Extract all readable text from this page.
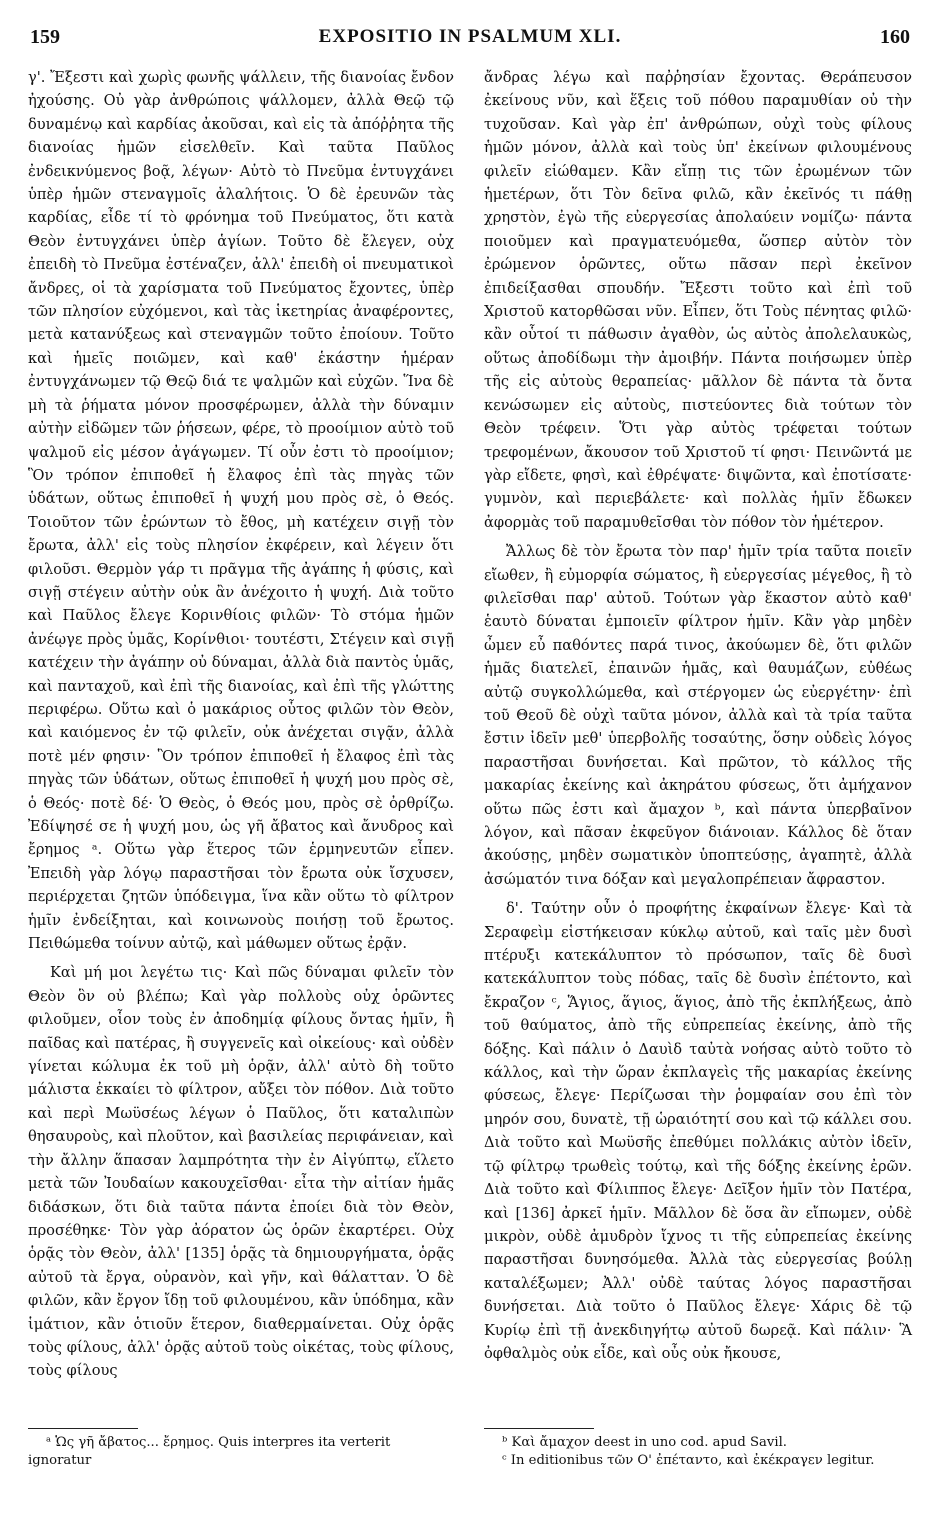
159	EXPOSITIO IN PSALMUM XLI.	160

γ'. Ἔξεστι καὶ χωρὶς φωνῆς ψάλλειν, τῆς διανοίας ἔνδον ἠχούσης. Οὐ γὰρ ἀνθρώποις ψάλλομεν, ἀλλὰ Θεῷ τῷ δυναμένῳ καὶ καρδίας ἀκοῦσαι, καὶ εἰς τὰ ἀπόῤῥητα τῆς διανοίας ἡμῶν εἰσελθεῖν. Καὶ ταῦτα Παῦλος ἐνδεικνύμενος βοᾷ, λέγων· Αὐτὸ τὸ Πνεῦμα ἐντυγχάνει ὑπὲρ ἡμῶν στεναγμοῖς ἀλαλήτοις. Ὁ δὲ ἐρευνῶν τὰς καρδίας, εἶδε τί τὸ φρόνημα τοῦ Πνεύματος, ὅτι κατὰ Θεὸν ἐντυγχάνει ὑπὲρ ἁγίων. Τοῦτο δὲ ἔλεγεν, οὐχ ἐπειδὴ τὸ Πνεῦμα ἐστέναζεν, ἀλλ' ἐπειδὴ οἱ πνευματικοὶ ἄνδρες, οἱ τὰ χαρίσματα τοῦ Πνεύματος ἔχοντες, ὑπὲρ τῶν πλησίον εὐχόμενοι, καὶ τὰς ἱκετηρίας ἀναφέροντες, μετὰ κατανύξεως καὶ στεναγμῶν τοῦτο ἐποίουν. Τοῦτο καὶ ἡμεῖς ποιῶμεν, καὶ καθ' ἑκάστην ἡμέραν ἐντυγχάνωμεν τῷ Θεῷ διά τε ψαλμῶν καὶ εὐχῶν. Ἵνα δὲ μὴ τὰ ῥήματα μόνον προσφέρωμεν, ἀλλὰ τὴν δύναμιν αὐτὴν εἰδῶμεν τῶν ῥήσεων, φέρε, τὸ προοίμιον αὐτὸ τοῦ ψαλμοῦ εἰς μέσον ἀγάγωμεν. Τί οὖν ἐστι τὸ προοίμιον; Ὃν τρόπον ἐπιποθεῖ ἡ ἔλαφος ἐπὶ τὰς πηγὰς τῶν ὑδάτων, οὕτως ἐπιποθεῖ ἡ ψυχή μου πρὸς σὲ, ὁ Θεός. Τοιοῦτον τῶν ἐρώντων τὸ ἔθος, μὴ κατέχειν σιγῇ τὸν ἔρωτα, ἀλλ' εἰς τοὺς πλησίον ἐκφέρειν, καὶ λέγειν ὅτι φιλοῦσι. Θερμὸν γάρ τι πρᾶγμα τῆς ἀγάπης ἡ φύσις, καὶ σιγῇ στέγειν αὐτὴν οὐκ ἂν ἀνέχοιτο ἡ ψυχή. Διὰ τοῦτο καὶ Παῦλος ἔλεγε Κορινθίοις φιλῶν· Τὸ στόμα ἡμῶν ἀνέῳγε πρὸς ὑμᾶς, Κορίνθιοι· τουτέστι, Στέγειν καὶ σιγῇ κατέχειν τὴν ἀγάπην οὐ δύναμαι, ἀλλὰ διὰ παντὸς ὑμᾶς, καὶ πανταχοῦ, καὶ ἐπὶ τῆς διανοίας, καὶ ἐπὶ τῆς γλώττης περιφέρω. Οὕτω καὶ ὁ μακάριος οὗτος φιλῶν τὸν Θεὸν, καὶ καιόμενος ἐν τῷ φιλεῖν, οὐκ ἀνέχεται σιγᾷν, ἀλλὰ ποτὲ μέν φησιν· Ὃν τρόπον ἐπιποθεῖ ἡ ἔλαφος ἐπὶ τὰς πηγὰς τῶν ὑδάτων, οὕτως ἐπιποθεῖ ἡ ψυχή μου πρὸς σὲ, ὁ Θεός· ποτὲ δέ· Ὁ Θεὸς, ὁ Θεός μου, πρὸς σὲ ὀρθρίζω. Ἐδίψησέ σε ἡ ψυχή μου, ὡς γῆ ἄβατος καὶ ἄνυδρος καὶ ἔρημος ᵃ. Οὕτω γὰρ ἕτερος τῶν ἑρμηνευτῶν εἶπεν. Ἐπειδὴ γὰρ λόγῳ παραστῆσαι τὸν ἔρωτα οὐκ ἴσχυσεν, περιέρχεται ζητῶν ὑπόδειγμα, ἵνα κἂν οὕτω τὸ φίλτρον ἡμῖν ἐνδείξηται, καὶ κοινωνοὺς ποιήσῃ τοῦ ἔρωτος. Πειθώμεθα τοίνυν αὐτῷ, καὶ μάθωμεν οὕτως ἐρᾷν.

Καὶ μή μοι λεγέτω τις· Καὶ πῶς δύναμαι φιλεῖν τὸν Θεὸν ὃν οὐ βλέπω; Καὶ γὰρ πολλοὺς οὐχ ὁρῶντες φιλοῦμεν, οἷον τοὺς ἐν ἀποδημίᾳ φίλους ὄντας ἡμῖν, ἢ παῖδας καὶ πατέρας, ἢ συγγενεῖς καὶ οἰκείους· καὶ οὐδὲν γίνεται κώλυμα ἐκ τοῦ μὴ ὁρᾷν, ἀλλ' αὐτὸ δὴ τοῦτο μάλιστα ἐκκαίει τὸ φίλτρον, αὔξει τὸν πόθον. Διὰ τοῦτο καὶ περὶ Μωϋσέως λέγων ὁ Παῦλος, ὅτι καταλιπὼν θησαυροὺς, καὶ πλοῦτον, καὶ βασιλείας περιφάνειαν, καὶ τὴν ἄλλην ἅπασαν λαμπρότητα τὴν ἐν Αἰγύπτῳ, εἵλετο μετὰ τῶν Ἰουδαίων κακουχεῖσθαι· εἶτα τὴν αἰτίαν ἡμᾶς διδάσκων, ὅτι διὰ ταῦτα πάντα ἐποίει διὰ τὸν Θεὸν, προσέθηκε· Τὸν γὰρ ἀόρατον ὡς ὁρῶν ἐκαρτέρει. Οὐχ ὁρᾷς τὸν Θεὸν, ἀλλ' [135] ὁρᾷς τὰ δημιουργήματα, ὁρᾷς αὐτοῦ τὰ ἔργα, οὐρανὸν, καὶ γῆν, καὶ θάλατταν. Ὁ δὲ φιλῶν, κἂν ἔργον ἴδῃ τοῦ φιλουμένου, κἂν ὑπόδημα, κἂν ἱμάτιον, κἂν ὁτιοῦν ἕτερον, διαθερμαίνεται. Οὐχ ὁρᾷς τοὺς φίλους, ἀλλ' ὁρᾷς αὐτοῦ τοὺς οἰκέτας, τοὺς φίλους, τοὺς φίλους

ἄνδρας λέγω καὶ παῤῥησίαν ἔχοντας. Θεράπευσον ἐκείνους νῦν, καὶ ἕξεις τοῦ πόθου παραμυθίαν οὐ τὴν τυχοῦσαν. Καὶ γὰρ ἐπ' ἀνθρώπων, οὐχὶ τοὺς φίλους ἡμῶν μόνον, ἀλλὰ καὶ τοὺς ὑπ' ἐκείνων φιλουμένους φιλεῖν εἰώθαμεν. Κἂν εἴπῃ τις τῶν ἐρωμένων τῶν ἡμετέρων, ὅτι Τὸν δεῖνα φιλῶ, κἂν ἐκεῖνός τι πάθῃ χρηστὸν, ἐγὼ τῆς εὐεργεσίας ἀπολαύειν νομίζω· πάντα ποιοῦμεν καὶ πραγματευόμεθα, ὥσπερ αὐτὸν τὸν ἐρώμενον ὁρῶντες, οὕτω πᾶσαν περὶ ἐκεῖνον ἐπιδείξασθαι σπουδήν. Ἔξεστι τοῦτο καὶ ἐπὶ τοῦ Χριστοῦ κατορθῶσαι νῦν. Εἶπεν, ὅτι Τοὺς πένητας φιλῶ· κἂν οὗτοί τι πάθωσιν ἀγαθὸν, ὡς αὐτὸς ἀπολελαυκὼς, οὕτως ἀποδίδωμι τὴν ἀμοιβήν. Πάντα ποιήσωμεν ὑπὲρ τῆς εἰς αὐτοὺς θεραπείας· μᾶλλον δὲ πάντα τὰ ὄντα κενώσωμεν εἰς αὐτοὺς, πιστεύοντες διὰ τούτων τὸν Θεὸν τρέφειν. Ὅτι γὰρ αὐτὸς τρέφεται τούτων τρεφομένων, ἄκουσον τοῦ Χριστοῦ τί φησι· Πεινῶντά με γὰρ εἴδετε, φησὶ, καὶ ἐθρέψατε· διψῶντα, καὶ ἐποτίσατε· γυμνὸν, καὶ περιεβάλετε· καὶ πολλὰς ἡμῖν ἔδωκεν ἀφορμὰς τοῦ παραμυθεῖσθαι τὸν πόθον τὸν ἡμέτερον.

Ἄλλως δὲ τὸν ἔρωτα τὸν παρ' ἡμῖν τρία ταῦτα ποιεῖν εἴωθεν, ἢ εὐμορφία σώματος, ἢ εὐεργεσίας μέγεθος, ἢ τὸ φιλεῖσθαι παρ' αὐτοῦ. Τούτων γὰρ ἕκαστον αὐτὸ καθ' ἑαυτὸ δύναται ἐμποιεῖν φίλτρον ἡμῖν. Κἂν γὰρ μηδὲν ὦμεν εὖ παθόντες παρά τινος, ἀκούωμεν δὲ, ὅτι φιλῶν ἡμᾶς διατελεῖ, ἐπαινῶν ἡμᾶς, καὶ θαυμάζων, εὐθέως αὐτῷ συγκολλώμεθα, καὶ στέργομεν ὡς εὐεργέτην· ἐπὶ τοῦ Θεοῦ δὲ οὐχὶ ταῦτα μόνον, ἀλλὰ καὶ τὰ τρία ταῦτα ἔστιν ἰδεῖν μεθ' ὑπερβολῆς τοσαύτης, ὅσην οὐδεὶς λόγος παραστῆσαι δυνήσεται. Καὶ πρῶτον, τὸ κάλλος τῆς μακαρίας ἐκείνης καὶ ἀκηράτου φύσεως, ὅτι ἀμήχανον οὕτω πῶς ἐστι καὶ ἄμαχον ᵇ, καὶ πάντα ὑπερβαῖνον λόγον, καὶ πᾶσαν ἐκφεῦγον διάνοιαν. Κάλλος δὲ ὅταν ἀκούσῃς, μηδὲν σωματικὸν ὑποπτεύσῃς, ἀγαπητὲ, ἀλλὰ ἀσώματόν τινα δόξαν καὶ μεγαλοπρέπειαν ἄφραστον.

δ'. Ταύτην οὖν ὁ προφήτης ἐκφαίνων ἔλεγε· Καὶ τὰ Σεραφεὶμ εἱστήκεισαν κύκλῳ αὐτοῦ, καὶ ταῖς μὲν δυσὶ πτέρυξι κατεκάλυπτον τὸ πρόσωπον, ταῖς δὲ δυσὶ κατεκάλυπτον τοὺς πόδας, ταῖς δὲ δυσὶν ἐπέτοντο, καὶ ἔκραζον ᶜ, Ἅγιος, ἅγιος, ἅγιος, ἀπὸ τῆς ἐκπλήξεως, ἀπὸ τοῦ θαύματος, ἀπὸ τῆς εὐπρεπείας ἐκείνης, ἀπὸ τῆς δόξης. Καὶ πάλιν ὁ Δαυὶδ ταὐτὰ νοήσας αὐτὸ τοῦτο τὸ κάλλος, καὶ τὴν ὥραν ἐκπλαγεὶς τῆς μακαρίας ἐκείνης φύσεως, ἔλεγε· Περίζωσαι τὴν ῥομφαίαν σου ἐπὶ τὸν μηρόν σου, δυνατὲ, τῇ ὡραιότητί σου καὶ τῷ κάλλει σου. Διὰ τοῦτο καὶ Μωϋσῆς ἐπεθύμει πολλάκις αὐτὸν ἰδεῖν, τῷ φίλτρῳ τρωθεὶς τούτῳ, καὶ τῆς δόξης ἐκείνης ἐρῶν. Διὰ τοῦτο καὶ Φίλιππος ἔλεγε· Δεῖξον ἡμῖν τὸν Πατέρα, καὶ [136] ἀρκεῖ ἡμῖν. Μᾶλλον δὲ ὅσα ἂν εἴπωμεν, οὐδὲ μικρὸν, οὐδὲ ἀμυδρὸν ἴχνος τι τῆς εὐπρεπείας ἐκείνης παραστῆσαι δυνησόμεθα. Ἀλλὰ τὰς εὐεργεσίας βούλῃ καταλέξωμεν; Ἀλλ' οὐδὲ ταύτας λόγος παραστῆσαι δυνήσεται. Διὰ τοῦτο ὁ Παῦλος ἔλεγε· Χάρις δὲ τῷ Κυρίῳ ἐπὶ τῇ ἀνεκδιηγήτῳ αὐτοῦ δωρεᾷ. Καὶ πάλιν· Ἃ ὀφθαλμὸς οὐκ εἶδε, καὶ οὖς οὐκ ἤκουσε,

ᵃ Ὡς γῆ ἄβατος... ἔρημος. Quis interpres ita verterit ignoratur

ᵇ Καὶ ἄμαχον deest in uno cod. apud Savil.

ᶜ In editionibus τῶν Ο' ἐπέταντο, καὶ ἐκέκραγεν legitur.
